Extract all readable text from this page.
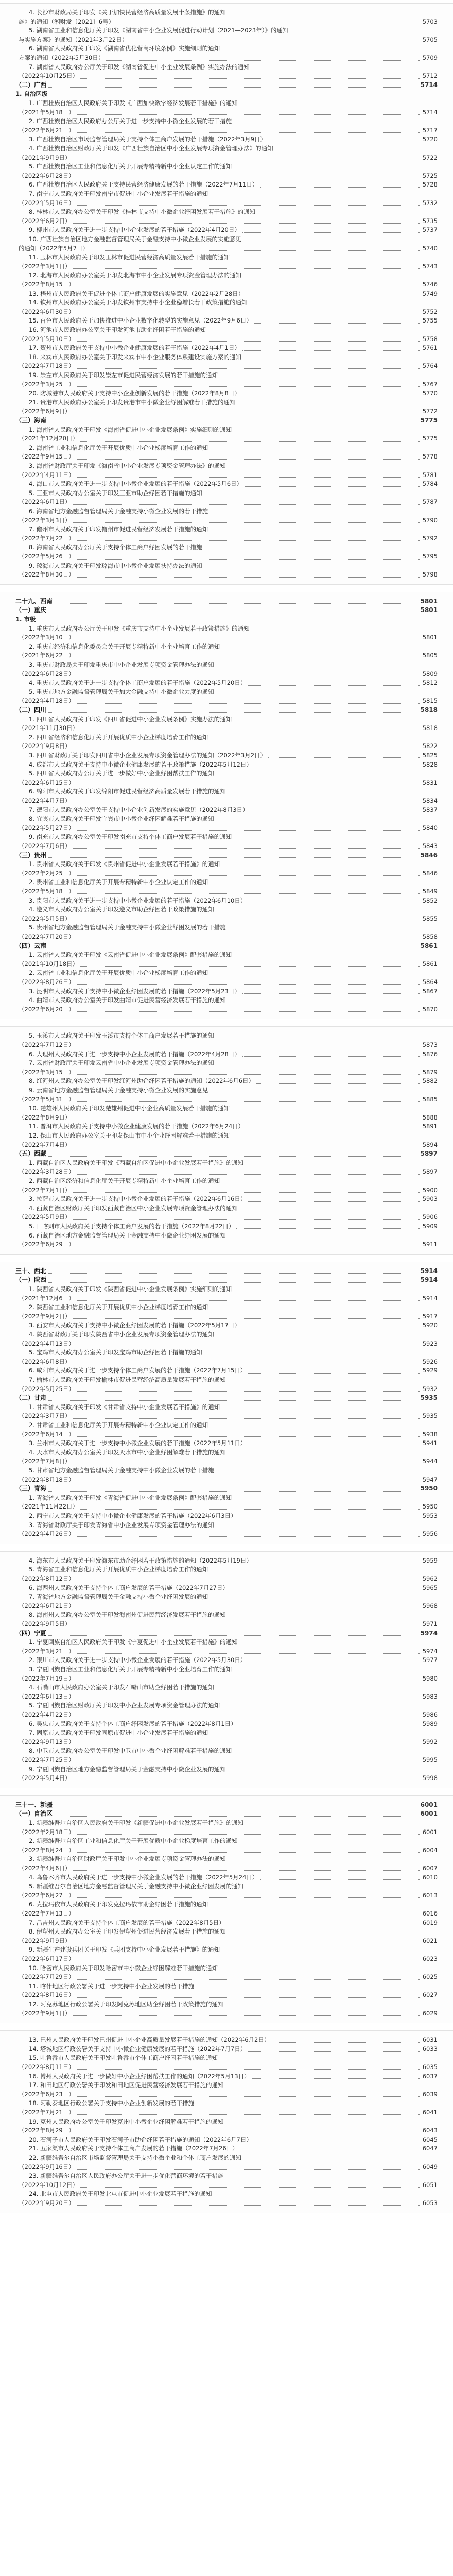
4. 长沙市财政局关于印发《关于加快民营经济高质量发展十条措施》的通知
施》的通知（湘财发〔2021〕6号）	5703
5. 湖南省工业和信息化厅关于印发《湖南省中小企业发展促进行动计划（2021—2023年）》的通知
与实施方案》的通知（2021年3月22日）	5705
6. 湖南省人民政府关于印发《湖南省优化营商环境条例》实施细则的通知
方案的通知（2022年5月30日）	5709
7. 湖南省人民政府办公厅关于印发《湖南省促进中小企业发展条例》实施办法的通知
（2022年10月25日）	5712
（二）广西	5714
1. 自治区级
1. 广西壮族自治区人民政府关于印发《广西加快数字经济发展若干措施》的通知
（2021年5月18日）	5714
2. 广西壮族自治区人民政府办公厅关于进一步支持中小微企业发展的若干措施
（2022年6月21日）	5717
3. 广西壮族自治区市场监督管理局关于支持个体工商户发展的若干措施（2022年3月9日）	5720
4. 广西壮族自治区财政厅关于印发《广西壮族自治区中小企业发展专项资金管理办法》的通知
（2021年9月9日）	5722
5. 广西壮族自治区工业和信息化厅关于开展专精特新中小企业认定工作的通知
（2022年6月28日）	5725
6. 广西壮族自治区人民政府关于支持民营经济健康发展的若干措施（2022年7月11日）	5728
7. 南宁市人民政府关于印发南宁市促进中小企业发展若干措施的通知
（2022年5月16日）	5732
8. 桂林市人民政府办公室关于印发《桂林市支持中小微企业纾困发展若干措施》的通知
（2022年6月2日）	5735
9. 柳州市人民政府关于进一步支持中小企业发展的若干措施（2022年4月20日）	5737
10. 广西壮族自治区地方金融监督管理局关于金融支持中小微企业发展的实施意见
的通知（2022年5月7日）	5740
11. 玉林市人民政府关于印发玉林市促进民营经济高质量发展若干措施的通知
（2022年3月1日）	5743
12. 北海市人民政府办公室关于印发北海市中小企业发展专项资金管理办法的通知
（2022年8月15日）	5746
13. 梧州市人民政府关于促进个体工商户健康发展的实施意见（2022年2月28日）	5749
14. 钦州市人民政府办公室关于印发钦州市支持中小企业稳增长若干政策措施的通知
（2022年6月30日）	5752
15. 百色市人民政府关于加快推进中小企业数字化转型的实施意见（2022年9月6日）	5755
16. 河池市人民政府办公室关于印发河池市助企纾困若干措施的通知
（2022年5月10日）	5758
17. 贺州市人民政府关于支持中小微企业健康发展的若干措施（2022年4月1日）	5761
18. 来宾市人民政府办公室关于印发来宾市中小企业服务体系建设实施方案的通知
（2022年7月18日）	5764
19. 崇左市人民政府关于印发崇左市促进民营经济发展的若干措施的通知
（2022年3月25日）	5767
20. 防城港市人民政府关于支持中小企业创新发展的若干措施（2022年8月8日）	5770
21. 贵港市人民政府办公室关于印发贵港市中小微企业纾困解难若干措施的通知
（2022年6月9日）	5772
（三）海南	5775
1. 海南省人民政府关于印发《海南省促进中小企业发展条例》实施细则的通知
（2021年12月20日）	5775
2. 海南省工业和信息化厅关于开展优质中小企业梯度培育工作的通知
（2022年9月15日）	5778
3. 海南省财政厅关于印发《海南省中小企业发展专项资金管理办法》的通知
（2022年4月11日）	5781
4. 海口市人民政府关于进一步支持中小微企业发展的若干措施（2022年5月6日）	5784
5. 三亚市人民政府办公室关于印发三亚市助企纾困若干措施的通知
（2022年6月1日）	5787
6. 海南省地方金融监督管理局关于金融支持小微企业发展的若干措施
（2022年3月3日）	5790
7. 儋州市人民政府关于印发儋州市促进民营经济发展若干措施的通知
（2022年7月22日）	5792
8. 海南省人民政府办公厅关于支持个体工商户纾困发展的若干措施
（2022年5月26日）	5795
9. 琼海市人民政府关于印发琼海市中小微企业发展扶持办法的通知
（2022年8月30日）	5798
二十九、西南	5801
（一）重庆	5801
1. 市级
1. 重庆市人民政府办公厅关于印发《重庆市支持中小企业发展若干政策措施》的通知
（2022年3月10日）	5801
2. 重庆市经济和信息化委员会关于开展专精特新中小企业培育工作的通知
（2021年6月22日）	5805
3. 重庆市财政局关于印发重庆市中小企业发展专项资金管理办法的通知
（2022年6月28日）	5809
4. 重庆市人民政府关于进一步支持个体工商户发展的若干措施（2022年5月20日）	5812
5. 重庆市地方金融监督管理局关于加大金融支持中小微企业力度的通知
（2022年4月18日）	5815
（二）四川	5818
1. 四川省人民政府关于印发《四川省促进中小企业发展条例》实施办法的通知
（2021年11月30日）	5818
2. 四川省经济和信息化厅关于开展优质中小企业梯度培育工作的通知
（2022年9月8日）	5822
3. 四川省财政厅关于印发四川省中小企业发展专项资金管理办法的通知（2022年3月2日）	5825
4. 成都市人民政府关于支持中小微企业健康发展的若干政策措施（2022年5月12日）	5828
5. 四川省人民政府办公厅关于进一步做好中小企业纾困帮扶工作的通知
（2022年6月15日）	5831
6. 绵阳市人民政府关于印发绵阳市促进民营经济高质量发展若干措施的通知
（2022年4月7日）	5834
7. 德阳市人民政府办公室关于支持中小企业创新发展的实施意见（2022年8月3日）	5837
8. 宜宾市人民政府关于印发宜宾市中小微企业纾困解难若干措施的通知
（2022年5月27日）	5840
9. 南充市人民政府办公室关于印发南充市支持个体工商户发展若干措施的通知
（2022年7月6日）	5843
（三）贵州	5846
1. 贵州省人民政府关于印发《贵州省促进中小企业发展若干措施》的通知
（2022年2月25日）	5846
2. 贵州省工业和信息化厅关于开展专精特新中小企业认定工作的通知
（2022年5月18日）	5849
3. 贵阳市人民政府关于进一步支持中小微企业发展的若干措施（2022年6月10日）	5852
4. 遵义市人民政府办公室关于印发遵义市助企纾困若干政策措施的通知
（2022年5月5日）	5855
5. 贵州省地方金融监督管理局关于金融支持中小微企业纾困发展的若干措施
（2022年7月20日）	5858
（四）云南	5861
1. 云南省人民政府关于印发《云南省促进中小企业发展条例》配套措施的通知
（2021年10月18日）	5861
2. 云南省工业和信息化厅关于开展优质中小企业梯度培育工作的通知
（2022年8月26日）	5864
3. 昆明市人民政府关于支持中小微企业纾困发展的若干措施（2022年5月23日）	5867
4. 曲靖市人民政府办公室关于印发曲靖市促进民营经济发展若干措施的通知
（2022年6月20日）	5870
5. 玉溪市人民政府关于印发玉溪市支持个体工商户发展若干措施的通知
（2022年7月12日）	5873
6. 大理州人民政府关于进一步支持中小企业发展的若干措施（2022年4月28日）	5876
7. 云南省财政厅关于印发云南省中小企业发展专项资金管理办法的通知
（2022年3月15日）	5879
8. 红河州人民政府办公室关于印发红河州助企纾困若干措施的通知（2022年6月6日）	5882
9. 云南省地方金融监督管理局关于金融支持小微企业发展的实施意见
（2022年5月31日）	5885
10. 楚雄州人民政府关于印发楚雄州促进中小企业高质量发展若干措施的通知
（2022年8月9日）	5888
11. 普洱市人民政府关于支持中小微企业健康发展的若干措施（2022年6月24日）	5891
12. 保山市人民政府办公室关于印发保山市中小企业纾困解难若干措施的通知
（2022年7月4日）	5894
（五）西藏	5897
1. 西藏自治区人民政府关于印发《西藏自治区促进中小企业发展若干措施》的通知
（2022年3月28日）	5897
2. 西藏自治区经济和信息化厅关于开展专精特新中小企业培育工作的通知
（2022年7月1日）	5900
3. 拉萨市人民政府关于进一步支持中小微企业发展的若干措施（2022年6月16日）	5903
4. 西藏自治区财政厅关于印发西藏自治区中小企业发展专项资金管理办法的通知
（2022年5月9日）	5906
5. 日喀则市人民政府关于支持个体工商户发展的若干措施（2022年8月22日）	5909
6. 西藏自治区地方金融监督管理局关于金融支持中小微企业纾困发展的通知
（2022年6月29日）	5911
三十、西北	5914
（一）陕西	5914
1. 陕西省人民政府关于印发《陕西省促进中小企业发展条例》实施细则的通知
（2021年12月6日）	5914
2. 陕西省工业和信息化厅关于开展优质中小企业梯度培育工作的通知
（2022年9月2日）	5917
3. 西安市人民政府关于支持中小微企业纾困发展的若干措施（2022年5月17日）	5920
4. 陕西省财政厅关于印发陕西省中小企业发展专项资金管理办法的通知
（2022年4月13日）	5923
5. 宝鸡市人民政府办公室关于印发宝鸡市助企纾困若干措施的通知
（2022年6月8日）	5926
6. 咸阳市人民政府关于进一步支持个体工商户发展的若干措施（2022年7月15日）	5929
7. 榆林市人民政府关于印发榆林市促进民营经济高质量发展若干措施的通知
（2022年5月25日）	5932
（二）甘肃	5935
1. 甘肃省人民政府关于印发《甘肃省支持中小企业发展若干措施》的通知
（2022年3月7日）	5935
2. 甘肃省工业和信息化厅关于开展专精特新中小企业认定工作的通知
（2022年6月14日）	5938
3. 兰州市人民政府关于进一步支持中小微企业发展的若干措施（2022年5月11日）	5941
4. 天水市人民政府办公室关于印发天水市中小企业纾困解难若干措施的通知
（2022年7月8日）	5944
5. 甘肃省地方金融监督管理局关于金融支持中小微企业发展的若干措施
（2022年8月18日）	5947
（三）青海	5950
1. 青海省人民政府关于印发《青海省促进中小企业发展条例》配套措施的通知
（2021年11月22日）	5950
2. 西宁市人民政府关于支持中小微企业健康发展的若干措施（2022年6月3日）	5953
3. 青海省财政厅关于印发青海省中小企业发展专项资金管理办法的通知
（2022年4月26日）	5956
4. 海东市人民政府关于印发海东市助企纾困若干政策措施的通知（2022年5月19日）	5959
5. 青海省工业和信息化厅关于开展优质中小企业梯度培育工作的通知
（2022年8月12日）	5962
6. 海西州人民政府关于支持个体工商户发展的若干措施（2022年7月27日）	5965
7. 青海省地方金融监督管理局关于金融支持小微企业纾困发展的通知
（2022年6月21日）	5968
8. 海南州人民政府办公室关于印发海南州促进民营经济发展若干措施的通知
（2022年9月5日）	5971
（四）宁夏	5974
1. 宁夏回族自治区人民政府关于印发《宁夏促进中小企业发展若干措施》的通知
（2022年3月21日）	5974
2. 银川市人民政府关于进一步支持中小微企业发展的若干措施（2022年5月30日）	5977
3. 宁夏回族自治区工业和信息化厅关于开展专精特新中小企业培育工作的通知
（2022年7月19日）	5980
4. 石嘴山市人民政府办公室关于印发石嘴山市助企纾困若干措施的通知
（2022年6月13日）	5983
5. 宁夏回族自治区财政厅关于印发中小企业发展专项资金管理办法的通知
（2022年4月22日）	5986
6. 吴忠市人民政府关于支持个体工商户纾困发展的若干措施（2022年8月1日）	5989
7. 固原市人民政府关于印发固原市促进中小企业发展若干措施的通知
（2022年9月13日）	5992
8. 中卫市人民政府办公室关于印发中卫市中小微企业纾困解难若干措施的通知
（2022年7月25日）	5995
9. 宁夏回族自治区地方金融监督管理局关于金融支持中小微企业发展的通知
（2022年5月4日）	5998
三十一、新疆	6001
（一）自治区	6001
1. 新疆维吾尔自治区人民政府关于印发《新疆促进中小企业发展若干措施》的通知
（2022年2月18日）	6001
2. 新疆维吾尔自治区工业和信息化厅关于开展优质中小企业梯度培育工作的通知
（2022年8月24日）	6004
3. 新疆维吾尔自治区财政厅关于印发中小企业发展专项资金管理办法的通知
（2022年4月6日）	6007
4. 乌鲁木齐市人民政府关于进一步支持中小微企业发展的若干措施（2022年5月24日）	6010
5. 新疆维吾尔自治区地方金融监督管理局关于金融支持中小微企业纾困发展的通知
（2022年6月27日）	6013
6. 克拉玛依市人民政府关于印发克拉玛依市助企纾困若干措施的通知
（2022年7月13日）	6016
7. 昌吉州人民政府关于支持个体工商户发展的若干措施（2022年8月5日）	6019
8. 伊犁州人民政府办公室关于印发伊犁州促进民营经济发展若干措施的通知
（2022年9月9日）	6021
9. 新疆生产建设兵团关于印发《兵团支持中小企业发展若干措施》的通知
（2022年6月17日）	6023
10. 哈密市人民政府关于印发哈密市中小微企业纾困解难若干措施的通知
（2022年7月29日）	6025
11. 喀什地区行政公署关于进一步支持中小企业发展的若干措施
（2022年8月16日）	6027
12. 阿克苏地区行政公署关于印发阿克苏地区助企纾困若干政策措施的通知
（2022年9月1日）	6029
13. 巴州人民政府关于印发巴州促进中小企业高质量发展若干措施的通知（2022年6月2日）	6031
14. 塔城地区行政公署关于支持中小微企业健康发展的若干措施（2022年7月7日）	6033
15. 吐鲁番市人民政府关于印发吐鲁番市个体工商户纾困若干措施的通知
（2022年8月11日）	6035
16. 博州人民政府关于进一步做好中小企业纾困帮扶工作的通知（2022年5月13日）	6037
17. 和田地区行政公署关于印发和田地区促进民营经济发展若干措施的通知
（2022年6月23日）	6039
18. 阿勒泰地区行政公署关于支持中小企业创新发展的若干措施
（2022年7月21日）	6041
19. 克州人民政府办公室关于印发克州中小微企业纾困解难若干措施的通知
（2022年8月29日）	6043
20. 石河子市人民政府关于印发石河子市助企纾困若干措施的通知（2022年6月7日）	6045
21. 五家渠市人民政府关于支持个体工商户发展的若干措施（2022年7月26日）	6047
22. 新疆维吾尔自治区市场监督管理局关于支持小微企业和个体工商户发展的通知
（2022年9月16日）	6049
23. 新疆维吾尔自治区人民政府办公厅关于进一步优化营商环境的若干措施
（2022年10月12日）	6051
24. 北屯市人民政府关于印发北屯市促进中小企业发展若干措施的通知
（2022年9月20日）	6053
